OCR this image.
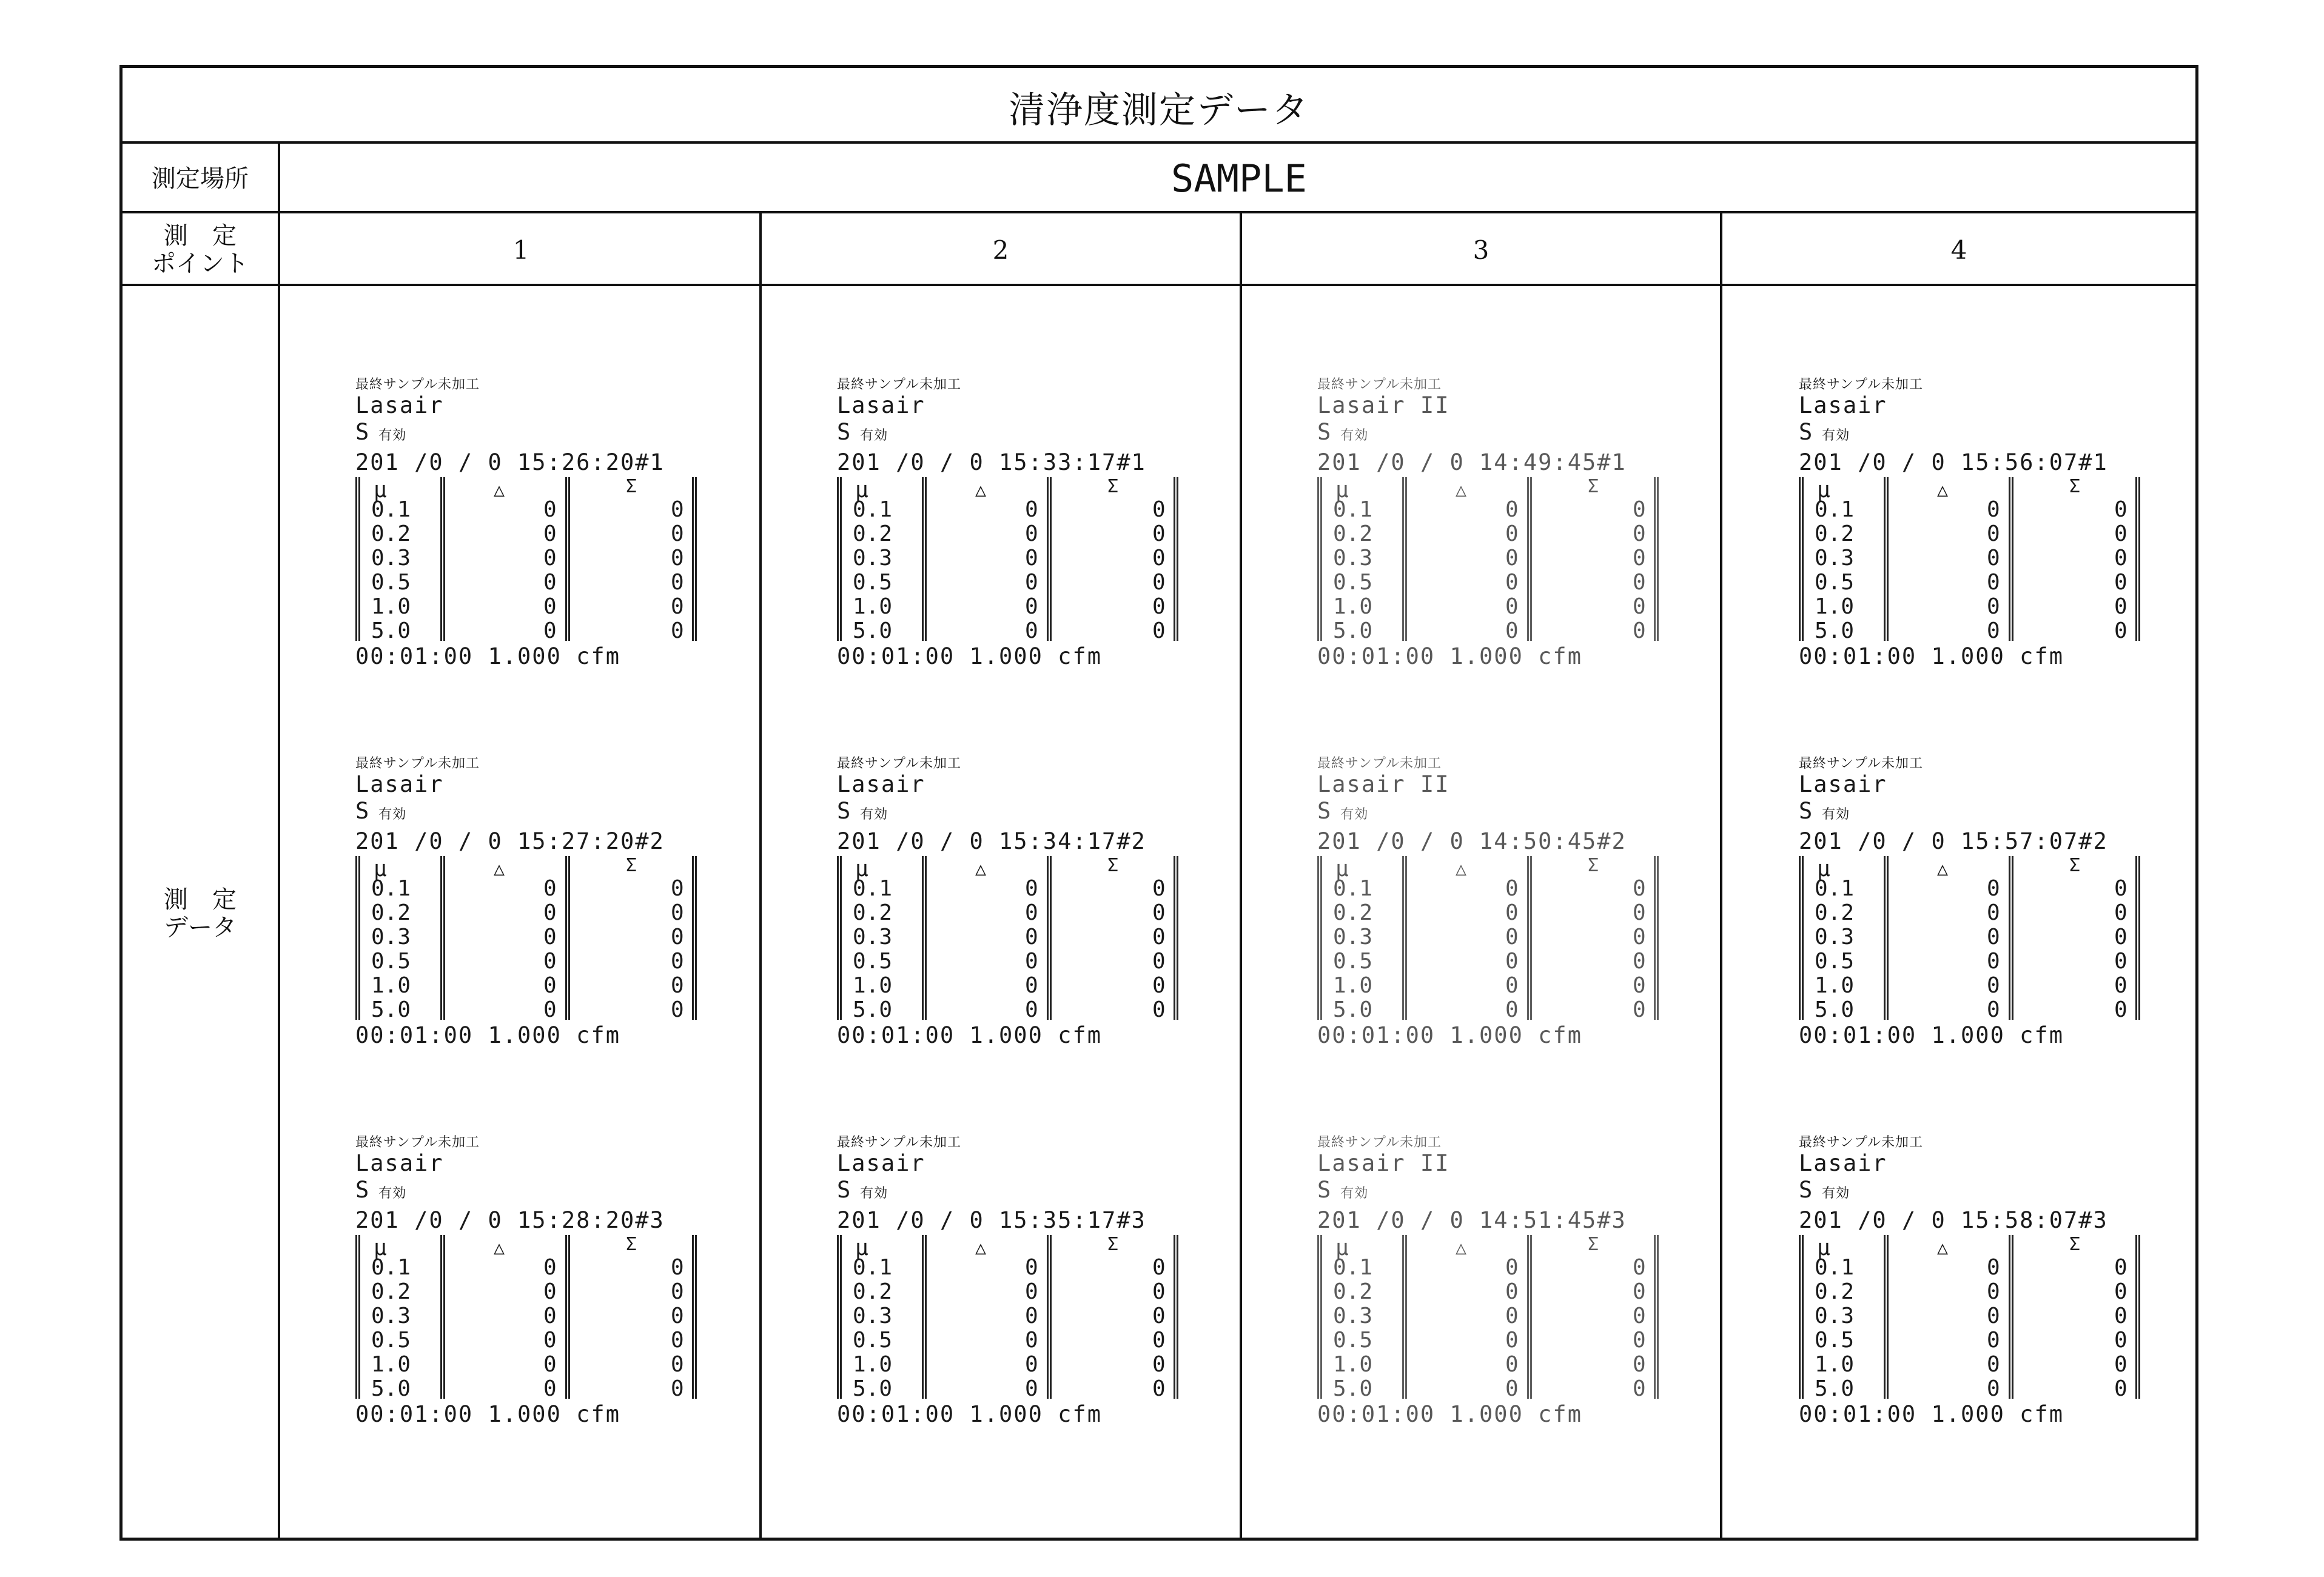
清浄度測定データ
測定場所	SAMPLE
測　定
ポイント	1	2	3	4
測　定
データ
最終サンプル未加工
Lasair
S有効
201 /0 / 0 15:26:20#1
μ	△	Σ
0.1	0	0
0.2	0	0
0.3	0	0
0.5	0	0
1.0	0	0
5.0	0	0
00:01:00 1.000 cfm
最終サンプル未加工
Lasair
S有効
201 /0 / 0 15:27:20#2
μ	△	Σ
0.1	0	0
0.2	0	0
0.3	0	0
0.5	0	0
1.0	0	0
5.0	0	0
00:01:00 1.000 cfm
最終サンプル未加工
Lasair
S有効
201 /0 / 0 15:28:20#3
μ	△	Σ
0.1	0	0
0.2	0	0
0.3	0	0
0.5	0	0
1.0	0	0
5.0	0	0
00:01:00 1.000 cfm
最終サンプル未加工
Lasair
S有効
201 /0 / 0 15:33:17#1
μ	△	Σ
0.1	0	0
0.2	0	0
0.3	0	0
0.5	0	0
1.0	0	0
5.0	0	0
00:01:00 1.000 cfm
最終サンプル未加工
Lasair
S有効
201 /0 / 0 15:34:17#2
μ	△	Σ
0.1	0	0
0.2	0	0
0.3	0	0
0.5	0	0
1.0	0	0
5.0	0	0
00:01:00 1.000 cfm
最終サンプル未加工
Lasair
S有効
201 /0 / 0 15:35:17#3
μ	△	Σ
0.1	0	0
0.2	0	0
0.3	0	0
0.5	0	0
1.0	0	0
5.0	0	0
00:01:00 1.000 cfm
最終サンプル未加工
Lasair II
S有効
201 /0 / 0 14:49:45#1
μ	△	Σ
0.1	0	0
0.2	0	0
0.3	0	0
0.5	0	0
1.0	0	0
5.0	0	0
00:01:00 1.000 cfm
最終サンプル未加工
Lasair II
S有効
201 /0 / 0 14:50:45#2
μ	△	Σ
0.1	0	0
0.2	0	0
0.3	0	0
0.5	0	0
1.0	0	0
5.0	0	0
00:01:00 1.000 cfm
最終サンプル未加工
Lasair II
S有効
201 /0 / 0 14:51:45#3
μ	△	Σ
0.1	0	0
0.2	0	0
0.3	0	0
0.5	0	0
1.0	0	0
5.0	0	0
00:01:00 1.000 cfm
最終サンプル未加工
Lasair
S有効
201 /0 / 0 15:56:07#1
μ	△	Σ
0.1	0	0
0.2	0	0
0.3	0	0
0.5	0	0
1.0	0	0
5.0	0	0
00:01:00 1.000 cfm
最終サンプル未加工
Lasair
S有効
201 /0 / 0 15:57:07#2
μ	△	Σ
0.1	0	0
0.2	0	0
0.3	0	0
0.5	0	0
1.0	0	0
5.0	0	0
00:01:00 1.000 cfm
最終サンプル未加工
Lasair
S有効
201 /0 / 0 15:58:07#3
μ	△	Σ
0.1	0	0
0.2	0	0
0.3	0	0
0.5	0	0
1.0	0	0
5.0	0	0
00:01:00 1.000 cfm
